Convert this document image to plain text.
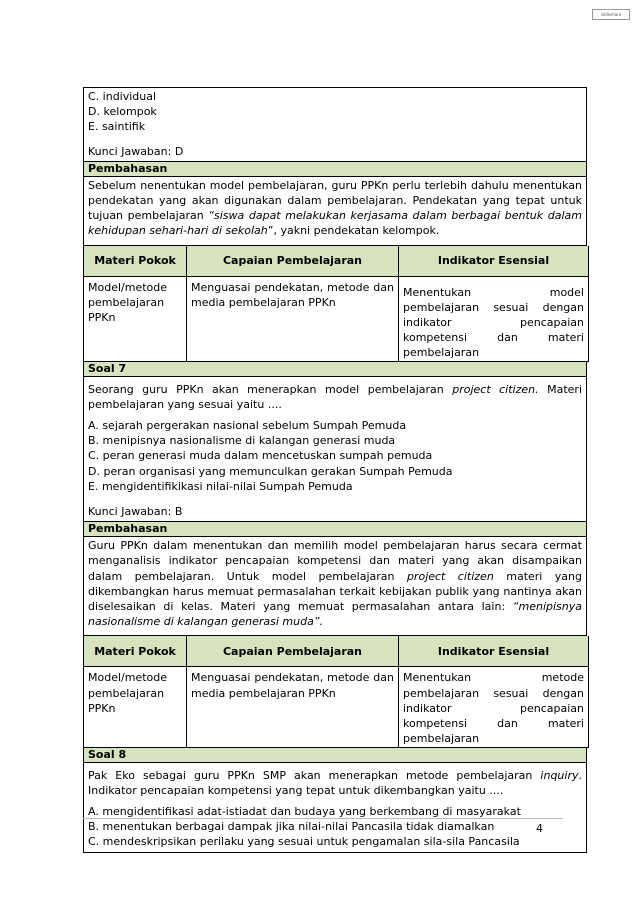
slideshare
C. individual
D. kelompok
E. saintifik
Kunci Jawaban: D
Pembahasan
Sebelum nenentukan model pembelajaran, guru PPKn perlu terlebih dahulu menentukan pendekatan yang akan digunakan dalam pembelajaran. Pendekatan yang tepat untuk tujuan pembelajaran “siswa dapat melakukan kerjasama dalam berbagai bentuk dalam kehidupan sehari-hari di sekolah”, yakni pendekatan kelompok.
Materi Pokok	Capaian Pembelajaran	Indikator Esensial
Model/metode pembelajaran PPKn	Menguasai pendekatan, metode dan media pembelajaran PPKn	Menentukan model pembelajaran sesuai dengan indikator pencapaian kompetensi dan materi pembelajaran
Soal 7
Seorang guru PPKn akan menerapkan model pembelajaran project citizen. Materi pembelajaran yang sesuai yaitu ....
A. sejarah pergerakan nasional sebelum Sumpah Pemuda
B. menipisnya nasionalisme di kalangan generasi muda
C. peran generasi muda dalam mencetuskan sumpah pemuda
D. peran organisasi yang memunculkan gerakan Sumpah Pemuda
E. mengidentifikikasi nilai-nilai Sumpah Pemuda
Kunci Jawaban: B
Pembahasan
Guru PPKn dalam menentukan dan memilih model pembelajaran harus secara cermat menganalisis indikator pencapaian kompetensi dan materi yang akan disampaikan dalam pembelajaran. Untuk model pembelajaran project citizen materi yang dikembangkan harus memuat permasalahan terkait kebijakan publik yang nantinya akan diselesaikan di kelas. Materi yang memuat permasalahan antara lain: “menipisnya nasionalisme di kalangan generasi muda”.
Materi Pokok	Capaian Pembelajaran	Indikator Esensial
Model/metode pembelajaran PPKn	Menguasai pendekatan, metode dan media pembelajaran PPKn	Menentukan metode pembelajaran sesuai dengan indikator pencapaian kompetensi dan materi pembelajaran
Soal 8
Pak Eko sebagai guru PPKn SMP akan menerapkan metode pembelajaran inquiry. Indikator pencapaian kompetensi yang tepat untuk dikembangkan yaitu ....
A. mengidentifikasi adat-istiadat dan budaya yang berkembang di masyarakat
B. menentukan berbagai dampak jika nilai-nilai Pancasila tidak diamalkan
C. mendeskripsikan perilaku yang sesuai untuk pengamalan sila-sila Pancasila
4
